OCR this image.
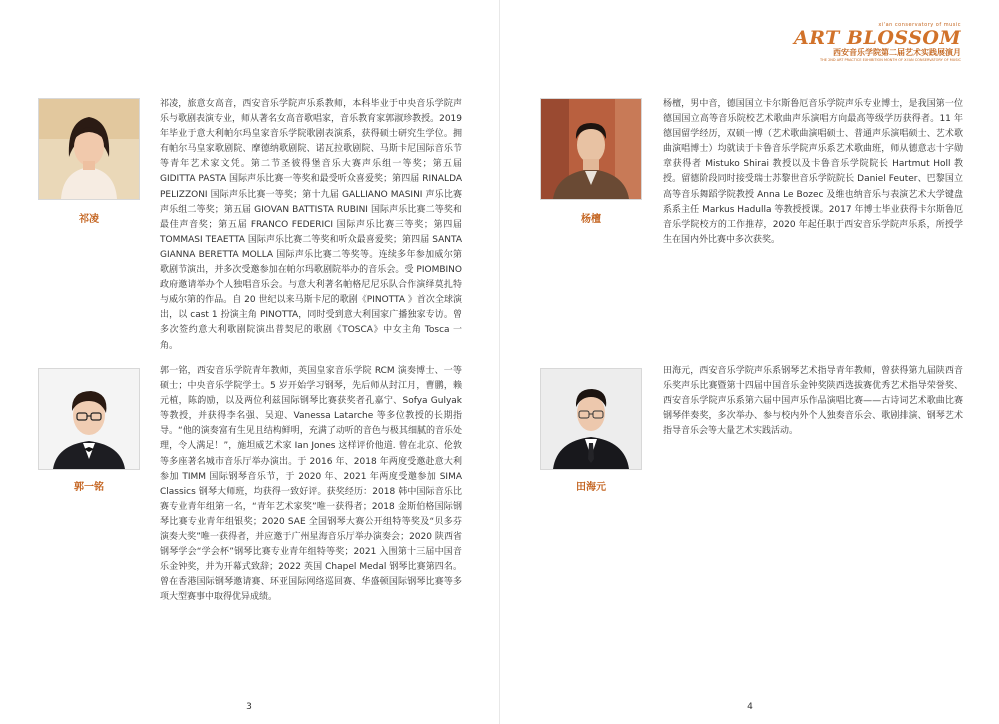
祁凌

祁凌，旅意女高音，西安音乐学院声乐系教师，本科毕业于中央音乐学院声乐与歌剧表演专业，师从著名女高音歌唱家，音乐教育家郭淑珍教授。2019 年毕业于意大利帕尔玛皇家音乐学院歌剧表演系，获得硕士研究生学位。拥有帕尔马皇家歌剧院、摩德纳歌剧院、诺瓦拉歌剧院、马斯卡尼国际音乐节等青年艺术家文凭。第二节圣彼得堡音乐大赛声乐组一等奖；第五届 GIDITTA PASTA 国际声乐比赛一等奖和最受听众喜爱奖；第四届 RINALDA PELIZZONI 国际声乐比赛一等奖；第十九届 GALLIANO MASINI 声乐比赛声乐组二等奖；第五届 GIOVAN BATTISTA RUBINI 国际声乐比赛二等奖和最佳声音奖；第五届 FRANCO FEDERICI 国际声乐比赛三等奖；第四届 TOMMASI TEAETTA 国际声乐比赛二等奖和听众最喜爱奖；第四届 SANTA GIANNA BERETTA MOLLA 国际声乐比赛二等奖等。连续多年参加威尔第歌剧节演出，并多次受邀参加在帕尔玛歌剧院举办的音乐会。受 PIOMBINO 政府邀请举办个人独唱音乐会。与意大利著名帕格尼尼乐队合作演绎莫扎特与威尔第的作品。自 20 世纪以来马斯卡尼的歌剧《PINOTTA 》首次全球演出，以 cast 1 扮演主角 PINOTTA，同时受到意大利国家广播独家专访。曾多次签约意大利歌剧院演出普契尼的歌剧《TOSCA》中女主角 Tosca 一角。

郭一铭

郭一铭，西安音乐学院青年教师，英国皇家音乐学院 RCM 演奏博士、一等硕士；中央音乐学院学士。5 岁开始学习钢琴，先后师从封江月，曹鹏，赖元植，陈韵励，以及两位利兹国际钢琴比赛获奖者孔嘉宁、Sofya Gulyak 等教授，并获得李名强、吴迎、Vanessa Latarche 等多位教授的长期指导。“他的演奏富有生见且结构鲜明，充满了动听的音色与极其细腻的音乐处理，令人满足！”，施坦威艺术家 Ian Jones 这样评价他道. 曾在北京、伦敦等多座著名城市音乐厅举办演出。于 2016 年、2018 年两度受邀赴意大利参加 TIMM 国际钢琴音乐节，于 2020 年、2021 年两度受邀参加 SIMA Classics 钢琴大师班，均获得一致好评。获奖经历：2018 韩中国际音乐比赛专业青年组第一名，“青年艺术家奖”唯一获得者；2018 金斯伯格国际钢琴比赛专业青年组银奖；2020 SAE 全国钢琴大赛公开组特等奖及“贝多芬演奏大奖”唯一获得者，并应邀于广州星海音乐厅举办演奏会；2020 陕西省钢琴学会“学会杯”钢琴比赛专业青年组特等奖；2021 入围第十三届中国音乐金钟奖，并为开幕式致辞；2022 英国 Chapel Medal 钢琴比赛第四名。曾在香港国际钢琴邀请赛、环亚国际网络巡回赛、华盛顿国际钢琴比赛等多项大型赛事中取得优异成绩。

3
xi'an conservatory of music
ART BLOSSOM
西安音乐学院第二届艺术实践展演月
THE 2ND ART PRACTICE EXHIBITION MONTH OF XI'AN CONSERVATORY OF MUSIC
杨檀

杨檀，男中音，德国国立卡尔斯鲁厄音乐学院声乐专业博士，是我国第一位德国国立高等音乐院校艺术歌曲声乐演唱方向最高等级学历获得者。11 年德国留学经历，双硕一博（艺术歌曲演唱硕士、普通声乐演唱硕士、艺术歌曲演唱博士）均就读于卡鲁音乐学院声乐系艺术歌曲班，师从德意志十字勋章获得者 Mistuko Shirai 教授以及卡鲁音乐学院院长 Hartmut Holl 教授。留德阶段同时接受瑞士苏黎世音乐学院院长 Daniel Feuter、巴黎国立高等音乐舞蹈学院教授 Anna Le Bozec 及维也纳音乐与表演艺术大学键盘系系主任 Markus Hadulla 等教授授课。2017 年博士毕业获得卡尔斯鲁厄音乐学院校方的工作推荐，2020 年起任职于西安音乐学院声乐系，所授学生在国内外比赛中多次获奖。

田海元

田海元，西安音乐学院声乐系钢琴艺术指导青年教师，曾获得第九届陕西音乐奖声乐比赛暨第十四届中国音乐金钟奖陕西选拔赛优秀艺术指导荣誉奖、西安音乐学院声乐系第六届中国声乐作品演唱比赛——古诗词艺术歌曲比赛钢琴伴奏奖，多次举办、参与校内外个人独奏音乐会、歌剧排演、钢琴艺术指导音乐会等大量艺术实践活动。

4
